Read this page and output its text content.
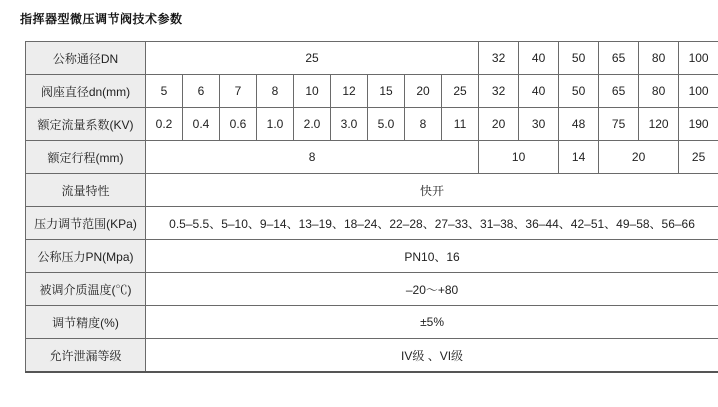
指挥器型微压调节阀技术参数
公称通径DN	25									32	40	50	65	80	100
阀座直径dn(mm)	5	6	7	8	10	12	15	20	25	32	40	50	65	80	100
额定流量系数(KV)	0.2	0.4	0.6	1.0	2.0	3.0	5.0	8	11	20	30	48	75	120	190
额定行程(mm)	8									10		14	20		25
流量特性	快开														
压力调节范围(KPa)	0.5–5.5、5–10、9–14、13–19、18–24、22–28、27–33、31–38、36–44、42–51、49–58、56–66														
公称压力PN(Mpa)	PN10、16														
被调介质温度(℃)	–20～+80														
调节精度(%)	±5%														
允许泄漏等级	IV级 、VI级														
